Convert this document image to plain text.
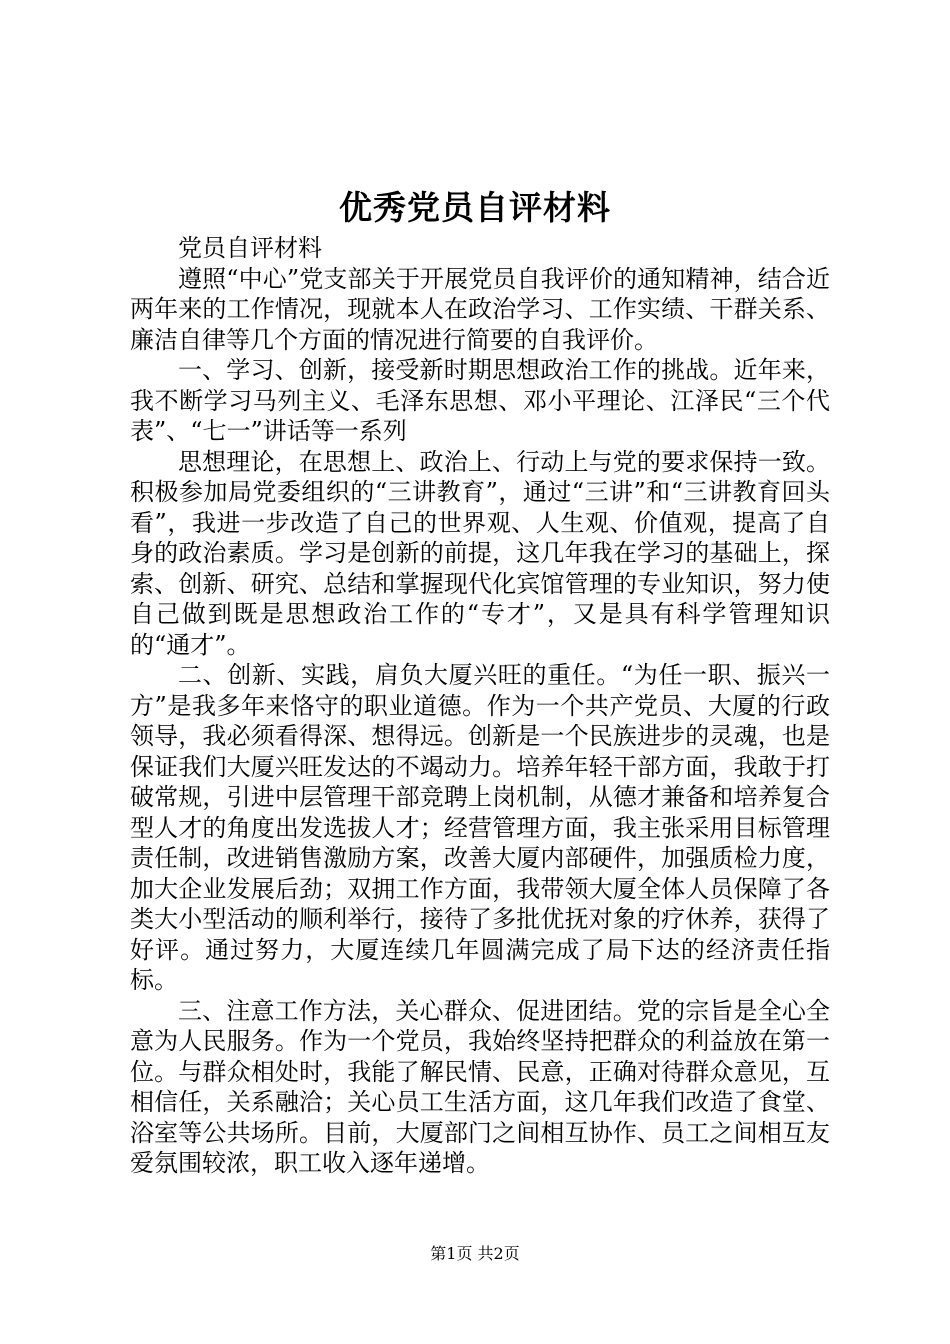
优秀党员自评材料

党员自评材料

遵照“中心”党支部关于开展党员自我评价的通知精神，结合近两年来的工作情况，现就本人在政治学习、工作实绩、干群关系、廉洁自律等几个方面的情况进行简要的自我评价。

一、学习、创新，接受新时期思想政治工作的挑战。近年来，我不断学习马列主义、毛泽东思想、邓小平理论、江泽民“三个代表”、“七一”讲话等一系列

思想理论，在思想上、政治上、行动上与党的要求保持一致。积极参加局党委组织的“三讲教育”，通过“三讲”和“三讲教育回头看”，我进一步改造了自己的世界观、人生观、价值观，提高了自身的政治素质。学习是创新的前提，这几年我在学习的基础上，探索、创新、研究、总结和掌握现代化宾馆管理的专业知识，努力使自己做到既是思想政治工作的“专才”，又是具有科学管理知识的“通才”。

二、创新、实践，肩负大厦兴旺的重任。“为任一职、振兴一方”是我多年来恪守的职业道德。作为一个共产党员、大厦的行政领导，我必须看得深、想得远。创新是一个民族进步的灵魂，也是保证我们大厦兴旺发达的不竭动力。培养年轻干部方面，我敢于打破常规，引进中层管理干部竞聘上岗机制，从德才兼备和培养复合型人才的角度出发选拔人才；经营管理方面，我主张采用目标管理责任制，改进销售激励方案，改善大厦内部硬件，加强质检力度，加大企业发展后劲；双拥工作方面，我带领大厦全体人员保障了各类大小型活动的顺利举行，接待了多批优抚对象的疗休养，获得了好评。通过努力，大厦连续几年圆满完成了局下达的经济责任指标。

三、注意工作方法，关心群众、促进团结。党的宗旨是全心全意为人民服务。作为一个党员，我始终坚持把群众的利益放在第一位。与群众相处时，我能了解民情、民意，正确对待群众意见，互相信任，关系融洽；关心员工生活方面，这几年我们改造了食堂、浴室等公共场所。目前，大厦部门之间相互协作、员工之间相互友爱氛围较浓，职工收入逐年递增。

第1页 共2页
